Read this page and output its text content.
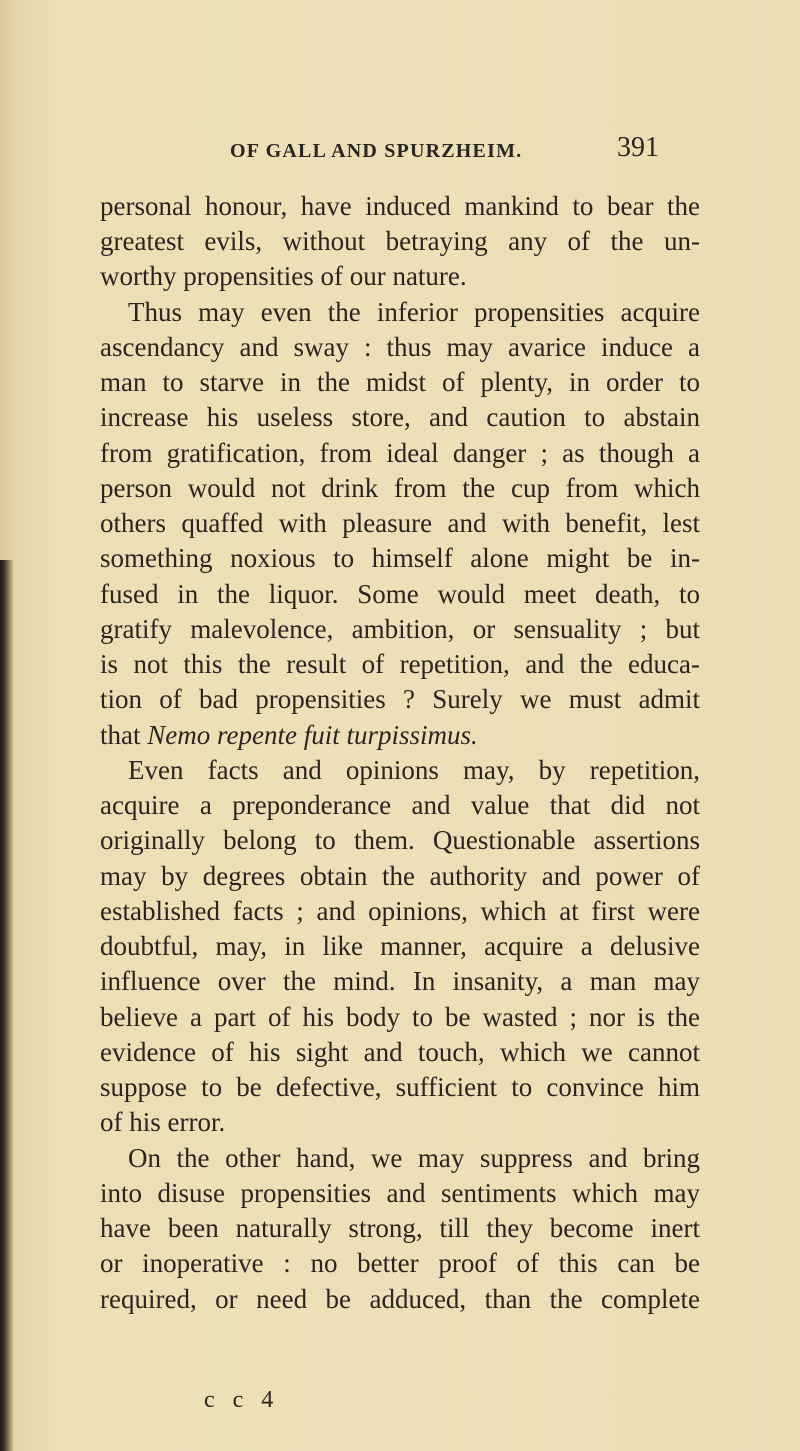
OF GALL AND SPURZHEIM.	391
personal honour, have induced mankind to bear the
greatest evils, without betraying any of the un-
worthy propensities of our nature.
Thus may even the inferior propensities acquire
ascendancy and sway : thus may avarice induce a
man to starve in the midst of plenty, in order to
increase his useless store, and caution to abstain
from gratification, from ideal danger ; as though a
person would not drink from the cup from which
others quaffed with pleasure and with benefit, lest
something noxious to himself alone might be in-
fused in the liquor. Some would meet death, to
gratify malevolence, ambition, or sensuality ; but
is not this the result of repetition, and the educa-
tion of bad propensities ? Surely we must admit
that Nemo repente fuit turpissimus.
Even facts and opinions may, by repetition,
acquire a preponderance and value that did not
originally belong to them. Questionable assertions
may by degrees obtain the authority and power of
established facts ; and opinions, which at first were
doubtful, may, in like manner, acquire a delusive
influence over the mind. In insanity, a man may
believe a part of his body to be wasted ; nor is the
evidence of his sight and touch, which we cannot
suppose to be defective, sufficient to convince him
of his error.
On the other hand, we may suppress and bring
into disuse propensities and sentiments which may
have been naturally strong, till they become inert
or inoperative : no better proof of this can be
required, or need be adduced, than the complete
c c 4
